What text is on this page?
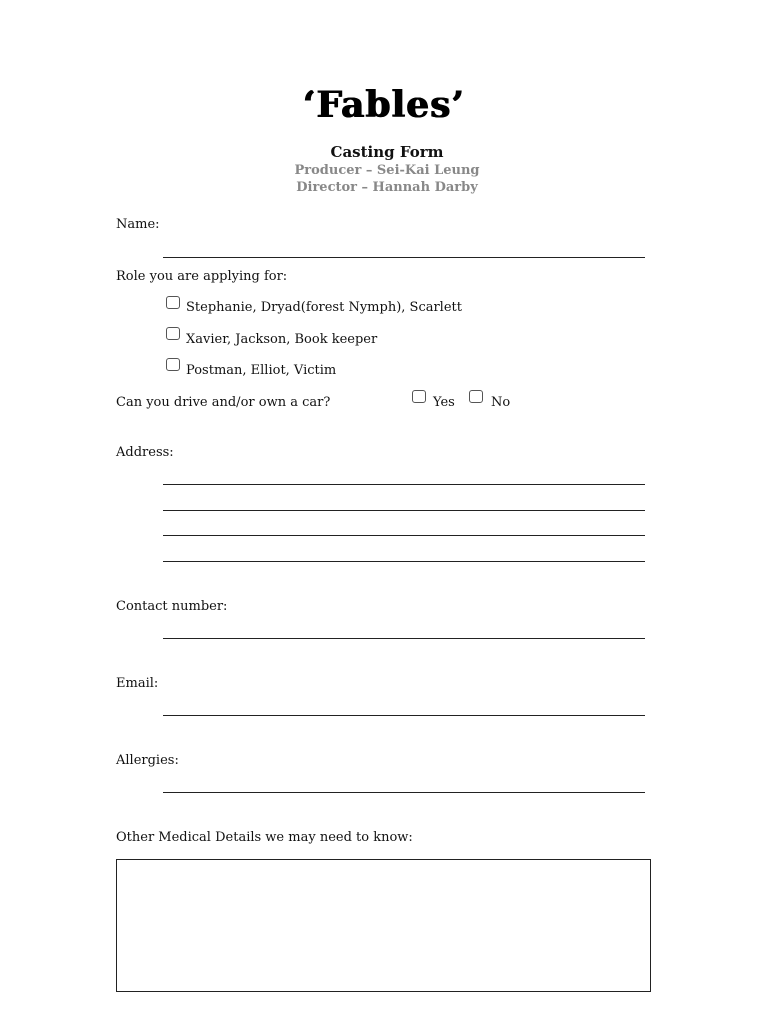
‘Fables’
Casting Form
Producer – Sei-Kai Leung
Director – Hannah Darby
Name:
Role you are applying for:
Stephanie, Dryad(forest Nymph), Scarlett
Xavier, Jackson, Book keeper
Postman, Elliot, Victim
Can you drive and/or own a car?	Yes	No
Address:
Contact number:
Email:
Allergies:
Other Medical Details we may need to know:
